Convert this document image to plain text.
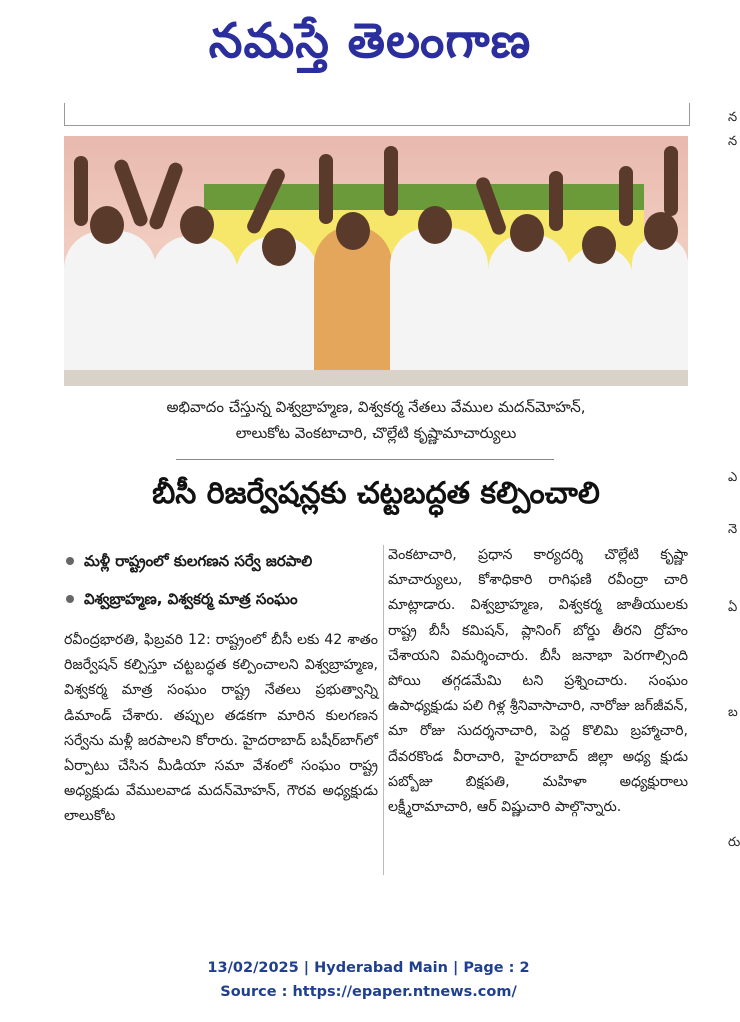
నమస్తే తెలంగాణ
న
న
ఎ
నె
ఏ
బ
రు
అభివాదం చేస్తున్న విశ్వబ్రాహ్మణ, విశ్వకర్మ నేతలు వేముల మదన్‌మోహన్,
లాలుకోట వెంకటాచారి, చొల్లేటి కృష్ణామాచార్యులు
బీసీ రిజర్వేషన్లకు చట్టబద్ధత కల్పించాలి
మళ్లీ రాష్ట్రంలో కులగణన సర్వే జరపాలి
విశ్వబ్రాహ్మణ, విశ్వకర్మ మాత్ర సంఘం

రవీంద్రభారతి, ఫిబ్రవరి 12: రాష్ట్రంలో బీసీ లకు 42 శాతం రిజర్వేషన్ కల్పిస్తూ చట్టబద్ధత కల్పించాలని విశ్వబ్రాహ్మణ, విశ్వకర్మ మాత్ర సంఘం రాష్ట్ర నేతలు ప్రభుత్వాన్ని డిమాండ్ చేశారు. తప్పుల తడకగా మారిన కులగణన సర్వేను మళ్లీ జరపాలని కోరారు. హైదరాబాద్ బషీర్‌బాగ్‌లో ఏర్పాటు చేసిన మీడియా సమా వేశంలో సంఘం రాష్ట్ర అధ్యక్షుడు వేములవాడ మదన్‌మోహన్, గౌరవ అధ్యక్షుడు లాలుకోట

వెంకటాచారి, ప్రధాన కార్యదర్శి చొల్లేటి కృష్ణా మాచార్యులు, కోశాధికారి రాగిఫణి రవీంద్రా చారి మాట్లాడారు. విశ్వబ్రాహ్మణ, విశ్వకర్మ జాతీయులకు రాష్ట్ర బీసీ కమిషన్, ప్లానింగ్ బోర్డు తీరని ద్రోహం చేశాయని విమర్శించారు. బీసీ జనాభా పెరగాల్సింది పోయి తగ్గడమేమి టని ప్రశ్నించారు. సంఘం ఉపాధ్యక్షుడు పలి గిళ్ల శ్రీనివాసాచారి, నారోజు జగ్‌జీవన్, మా రోజు సుదర్శనాచారి, పెద్ద కొలిమి బ్రహ్మాచారి, దేవరకొండ వీరాచారి, హైదరాబాద్ జిల్లా అధ్య క్షుడు పబ్బోజు బిక్షపతి, మహిళా అధ్యక్షురాలు లక్ష్మీరామాచారి, ఆర్ విష్ణుచారి పాల్గొన్నారు.

13/02/2025 | Hyderabad Main | Page : 2
Source : https://epaper.ntnews.com/
